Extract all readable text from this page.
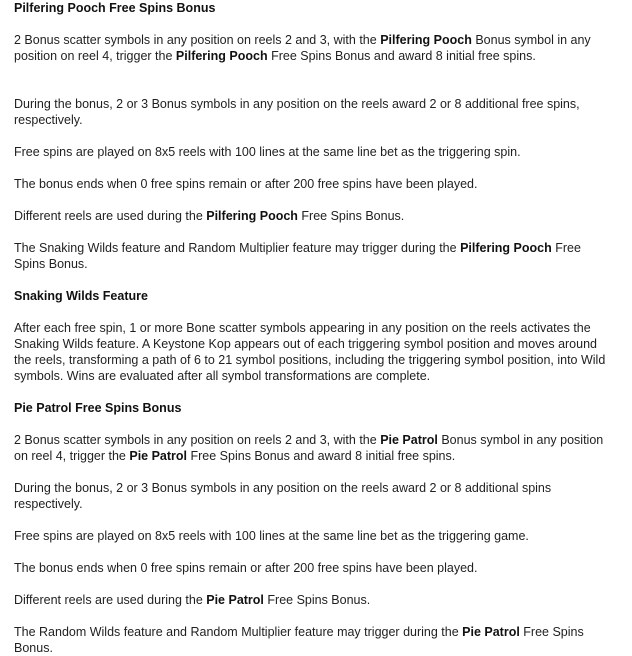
Pilfering Pooch Free Spins Bonus

2 Bonus scatter symbols in any position on reels 2 and 3, with the Pilfering Pooch Bonus symbol in any position on reel 4, trigger the Pilfering Pooch Free Spins Bonus and award 8 initial free spins.

During the bonus, 2 or 3 Bonus symbols in any position on the reels award 2 or 8 additional free spins, respectively.

Free spins are played on 8x5 reels with 100 lines at the same line bet as the triggering spin.

The bonus ends when 0 free spins remain or after 200 free spins have been played.

Different reels are used during the Pilfering Pooch Free Spins Bonus.

The Snaking Wilds feature and Random Multiplier feature may trigger during the Pilfering Pooch Free Spins Bonus.

Snaking Wilds Feature

After each free spin, 1 or more Bone scatter symbols appearing in any position on the reels activates the Snaking Wilds feature. A Keystone Kop appears out of each triggering symbol position and moves around the reels, transforming a path of 6 to 21 symbol positions, including the triggering symbol position, into Wild symbols. Wins are evaluated after all symbol transformations are complete.

Pie Patrol Free Spins Bonus

2 Bonus scatter symbols in any position on reels 2 and 3, with the Pie Patrol Bonus symbol in any position on reel 4, trigger the Pie Patrol Free Spins Bonus and award 8 initial free spins.

During the bonus, 2 or 3 Bonus symbols in any position on the reels award 2 or 8 additional spins respectively.

Free spins are played on 8x5 reels with 100 lines at the same line bet as the triggering game.

The bonus ends when 0 free spins remain or after 200 free spins have been played.

Different reels are used during the Pie Patrol Free Spins Bonus.

The Random Wilds feature and Random Multiplier feature may trigger during the Pie Patrol Free Spins Bonus.
